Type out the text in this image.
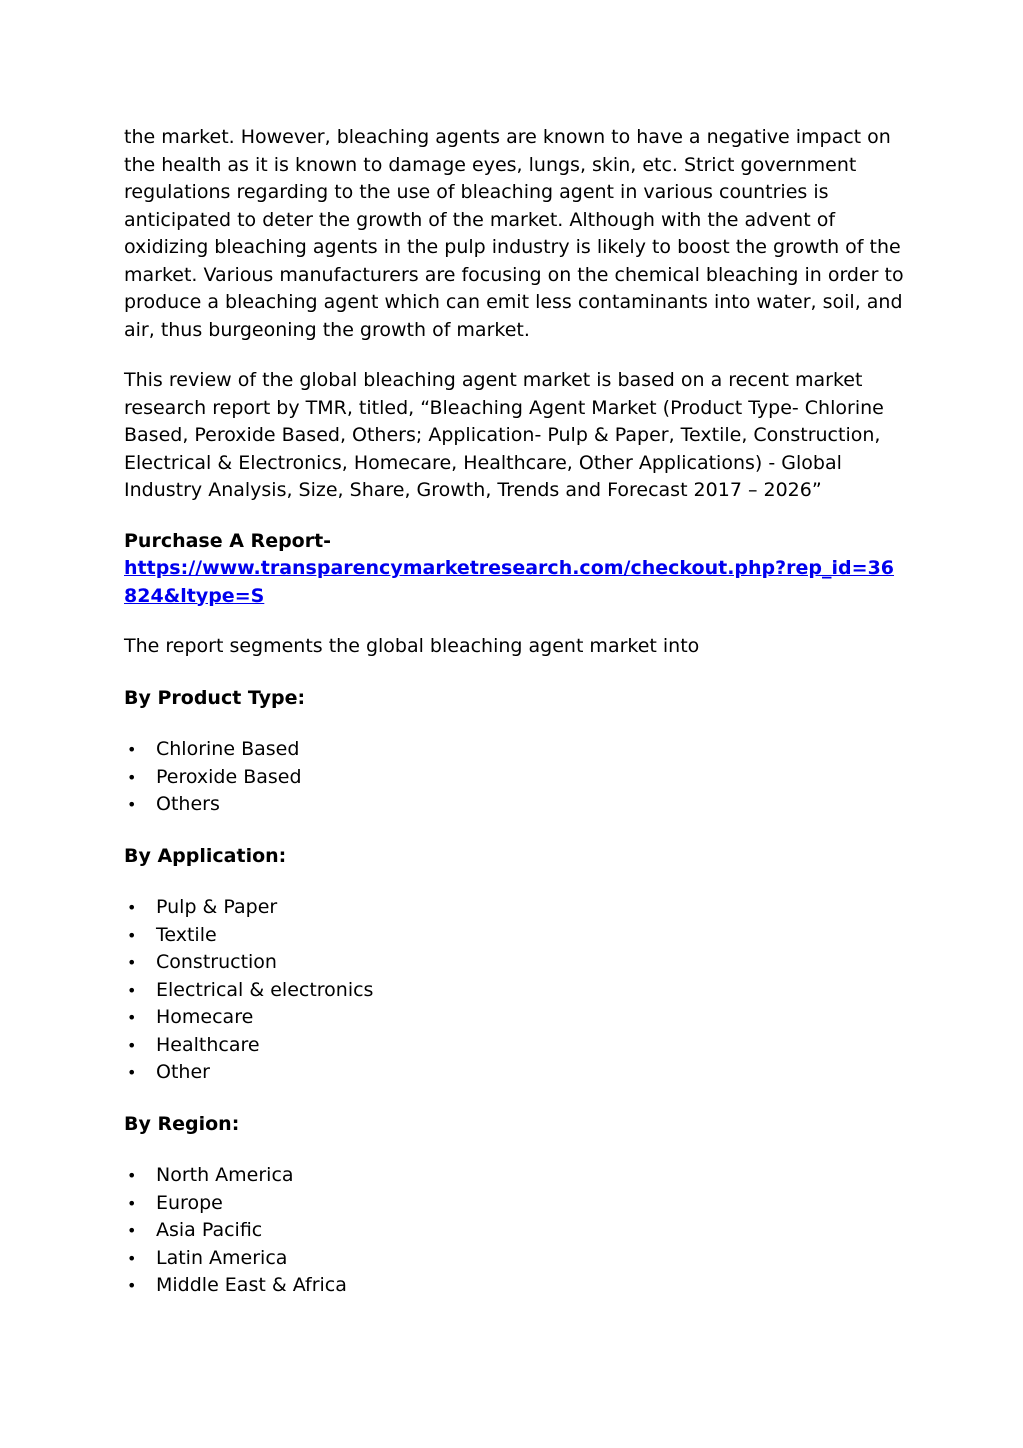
the market. However, bleaching agents are known to have a negative impact on the health as it is known to damage eyes, lungs, skin, etc. Strict government regulations regarding to the use of bleaching agent in various countries is anticipated to deter the growth of the market. Although with the advent of oxidizing bleaching agents in the pulp industry is likely to boost the growth of the market. Various manufacturers are focusing on the chemical bleaching in order to produce a bleaching agent which can emit less contaminants into water, soil, and air, thus burgeoning the growth of market.

This review of the global bleaching agent market is based on a recent market research report by TMR, titled, “Bleaching Agent Market (Product Type- Chlorine Based, Peroxide Based, Others; Application- Pulp & Paper, Textile, Construction, Electrical & Electronics, Homecare, Healthcare, Other Applications) - Global Industry Analysis, Size, Share, Growth, Trends and Forecast 2017 – 2026”

Purchase A Report-
https://www.transparencymarketresearch.com/checkout.php?rep_id=36824&ltype=S

The report segments the global bleaching agent market into

By Product Type:

• Chlorine Based
• Peroxide Based
• Others

By Application:

• Pulp & Paper
• Textile
• Construction
• Electrical & electronics
• Homecare
• Healthcare
• Other

By Region:

• North America
• Europe
• Asia Pacific
• Latin America
• Middle East & Africa
